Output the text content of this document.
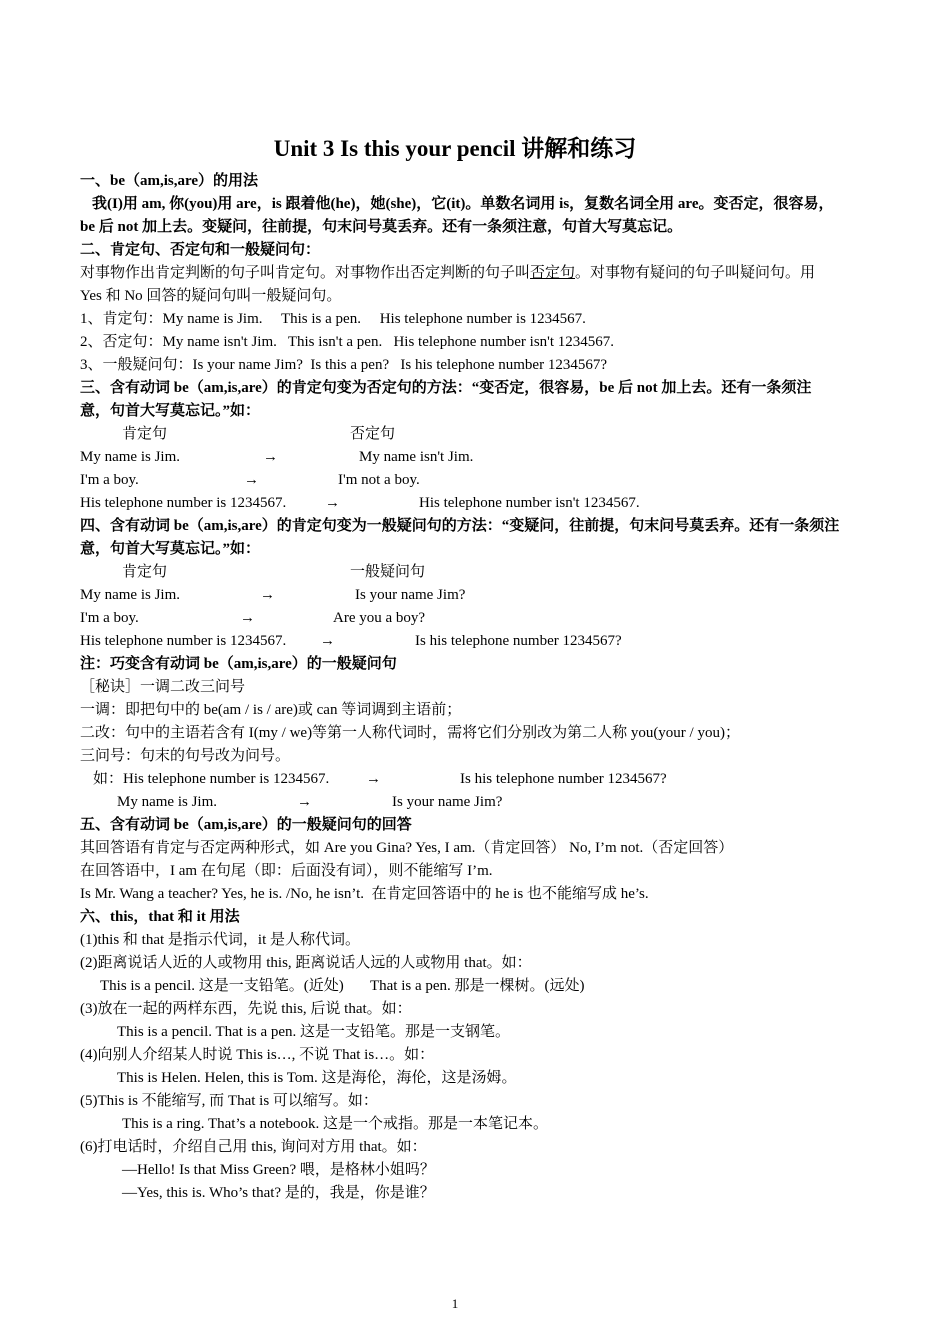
Unit 3 Is this your pencil 讲解和练习
一、be（am,is,are）的用法
我(I)用 am, 你(you)用 are，is 跟着他(he)，她(she)，它(it)。单数名词用 is，复数名词全用 are。变否定，很容易，be 后 not 加上去。变疑问，往前提，句末问号莫丢弃。还有一条须注意，句首大写莫忘记。
二、肯定句、否定句和一般疑问句：
对事物作出肯定判断的句子叫肯定句。对事物作出否定判断的句子叫否定句。对事物有疑问的句子叫疑问句。用 Yes 和 No 回答的疑问句叫一般疑问句。
1、肯定句：My name is Jim.     This is a pen.     His telephone number is 1234567.
2、否定句：My name isn't Jim.   This isn't a pen.   His telephone number isn't 1234567.
3、一般疑问句：Is your name Jim?  Is this a pen?   Is his telephone number 1234567?
三、含有动词 be（am,is,are）的肯定句变为否定句的方法：“变否定，很容易，be 后 not 加上去。还有一条须注意，句首大写莫忘记。”如：
肯定句	否定句
My name is Jim.	→	My name isn't Jim.
I'm a boy.	→	I'm not a boy.
His telephone number is 1234567.	→	His telephone number isn't 1234567.
四、含有动词 be（am,is,are）的肯定句变为一般疑问句的方法：“变疑问，往前提，句末问号莫丢弃。还有一条须注意，句首大写莫忘记。”如：
肯定句	一般疑问句
My name is Jim.	→	Is your name Jim?
I'm a boy.	→	Are you a boy?
His telephone number is 1234567.	→	Is his telephone number 1234567?
注：巧变含有动词 be（am,is,are）的一般疑问句
［秘诀］一调二改三问号
一调：即把句中的 be(am / is / are)或 can 等词调到主语前；
二改：句中的主语若含有 I(my / we)等第一人称代词时，需将它们分别改为第二人称 you(your / you)；
三问号：句末的句号改为问号。
如：His telephone number is 1234567.	→	Is his telephone number 1234567?
My name is Jim.	→	Is your name Jim?
五、含有动词 be（am,is,are）的一般疑问句的回答
其回答语有肯定与否定两种形式，如 Are you Gina? Yes, I am.（肯定回答） No, I’m not.（否定回答）
在回答语中，I am 在句尾（即：后面没有词），则不能缩写 I’m.
Is Mr. Wang a teacher? Yes, he is. /No, he isn’t.  在肯定回答语中的 he is 也不能缩写成 he’s.
六、this，that 和 it 用法
(1)this 和 that 是指示代词，it 是人称代词。
(2)距离说话人近的人或物用 this, 距离说话人远的人或物用 that。如：
This is a pencil. 这是一支铅笔。(近处)       That is a pen. 那是一棵树。(远处)
(3)放在一起的两样东西，先说 this, 后说 that。如：
This is a pencil. That is a pen. 这是一支铅笔。那是一支钢笔。
(4)向别人介绍某人时说 This is…, 不说 That is…。如：
This is Helen. Helen, this is Tom. 这是海伦，海伦，这是汤姆。
(5)This is 不能缩写, 而 That is 可以缩写。如：
This is a ring. That’s a notebook. 这是一个戒指。那是一本笔记本。
(6)打电话时，介绍自己用 this, 询问对方用 that。如：
—Hello! Is that Miss Green? 喂，是格林小姐吗？
—Yes, this is. Who’s that? 是的，我是，你是谁？
1
